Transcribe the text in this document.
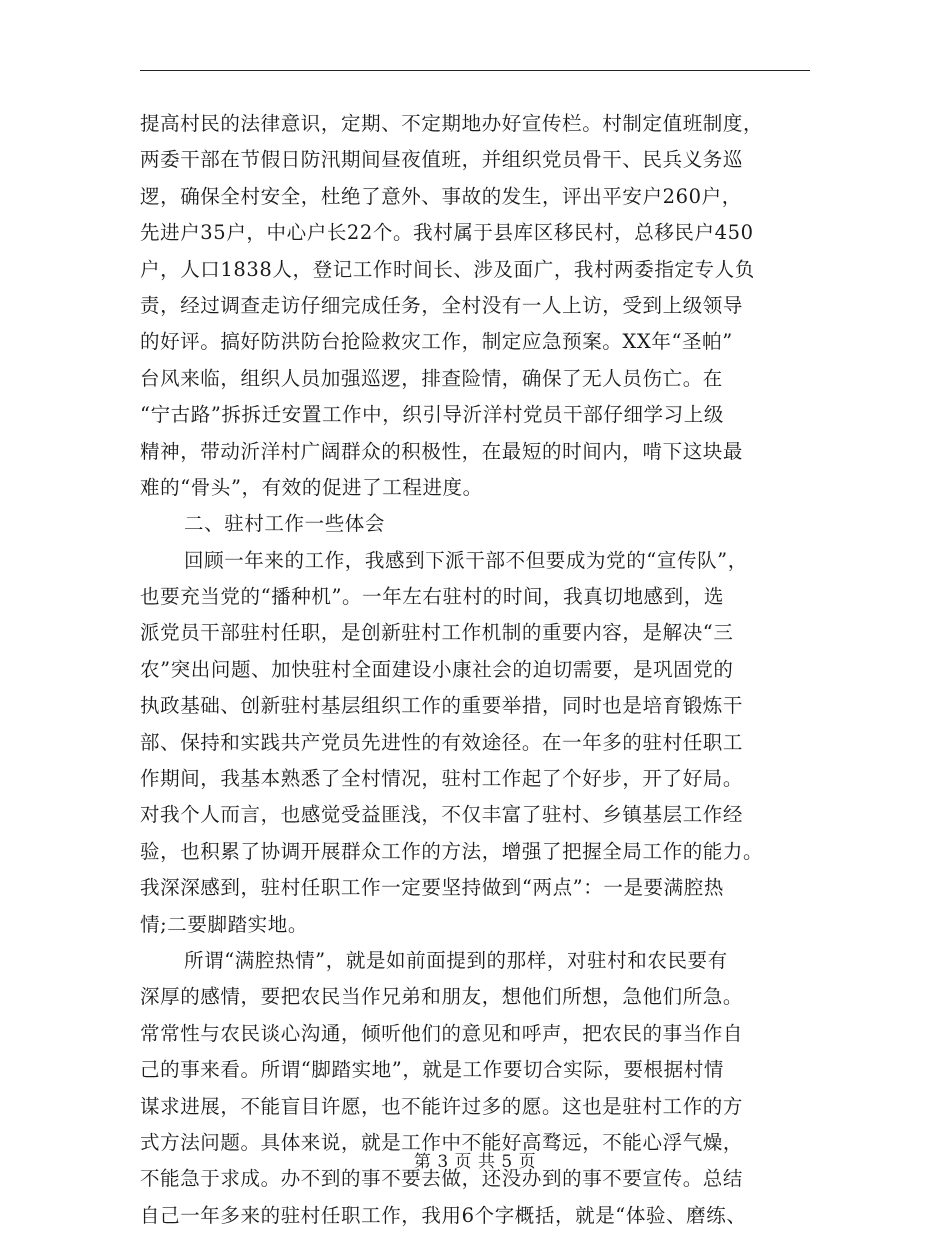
提高村民的法律意识，定期、不定期地办好宣传栏。村制定值班制度，
两委干部在节假日防汛期间昼夜值班，并组织党员骨干、民兵义务巡
逻，确保全村安全，杜绝了意外、事故的发生，评出平安户260户，
先进户35户，中心户长22个。我村属于县库区移民村，总移民户450
户，人口1838人，登记工作时间长、涉及面广，我村两委指定专人负
责，经过调查走访仔细完成任务，全村没有一人上访，受到上级领导
的好评。搞好防洪防台抢险救灾工作，制定应急预案。XX年“圣帕”
台风来临，组织人员加强巡逻，排查险情，确保了无人员伤亡。在
“宁古路”拆拆迁安置工作中，织引导沂洋村党员干部仔细学习上级
精神，带动沂洋村广阔群众的积极性，在最短的时间内，啃下这块最
难的“骨头”，有效的促进了工程进度。
二、驻村工作一些体会
回顾一年来的工作，我感到下派干部不但要成为党的“宣传队”，
也要充当党的“播种机”。一年左右驻村的时间，我真切地感到，选
派党员干部驻村任职，是创新驻村工作机制的重要内容，是解决“三
农”突出问题、加快驻村全面建设小康社会的迫切需要，是巩固党的
执政基础、创新驻村基层组织工作的重要举措，同时也是培育锻炼干
部、保持和实践共产党员先进性的有效途径。在一年多的驻村任职工
作期间，我基本熟悉了全村情况，驻村工作起了个好步，开了好局。
对我个人而言，也感觉受益匪浅，不仅丰富了驻村、乡镇基层工作经
验，也积累了协调开展群众工作的方法，增强了把握全局工作的能力。
我深深感到，驻村任职工作一定要坚持做到“两点”：一是要满腔热
情;二要脚踏实地。
所谓“满腔热情”，就是如前面提到的那样，对驻村和农民要有
深厚的感情，要把农民当作兄弟和朋友，想他们所想，急他们所急。
常常性与农民谈心沟通，倾听他们的意见和呼声，把农民的事当作自
己的事来看。所谓“脚踏实地”，就是工作要切合实际，要根据村情
谋求进展，不能盲目许愿，也不能许过多的愿。这也是驻村工作的方
式方法问题。具体来说，就是工作中不能好高骛远，不能心浮气燥，
不能急于求成。办不到的事不要去做，还没办到的事不要宣传。总结
自己一年多来的驻村任职工作，我用6个字概括，就是“体验、磨练、
第 3 页 共 5 页
